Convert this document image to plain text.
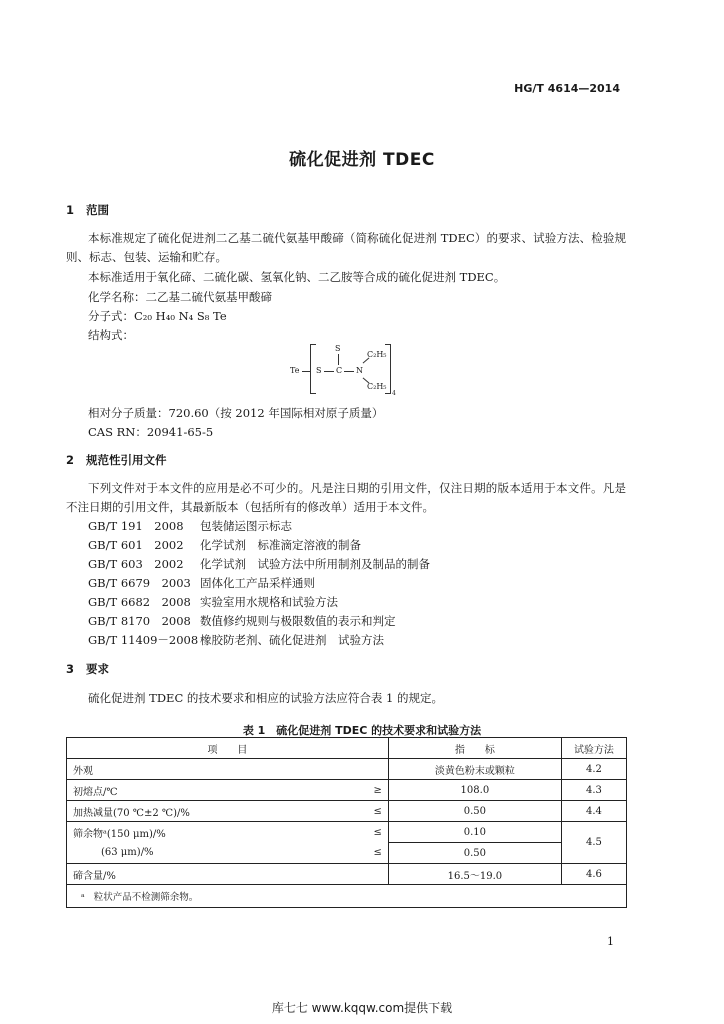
HG/T 4614—2014
硫化促进剂 TDEC
1 范围
本标准规定了硫化促进剂二乙基二硫代氨基甲酸碲（简称硫化促进剂 TDEC）的要求、试验方法、检验规则、标志、包装、运输和贮存。
本标准适用于氧化碲、二硫化碳、氢氧化钠、二乙胺等合成的硫化促进剂 TDEC。
化学名称：二乙基二硫代氨基甲酸碲
分子式：C₂₀ H₄₀ N₄ S₈ Te
结构式：
Te S C
S
N
C₂H₅
C₂H₅
4
相对分子质量：720.60（按 2012 年国际相对原子质量）
CAS RN：20941-65-5
2 规范性引用文件
下列文件对于本文件的应用是必不可少的。凡是注日期的引用文件，仅注日期的版本适用于本文件。凡是不注日期的引用文件，其最新版本（包括所有的修改单）适用于本文件。
GB/T 191　2008 包装储运图示标志
GB/T 601　2002 化学试剂　标准滴定溶液的制备
GB/T 603　2002 化学试剂　试验方法中所用制剂及制品的制备
GB/T 6679　2003 固体化工产品采样通则
GB/T 6682　2008 实验室用水规格和试验方法
GB/T 8170　2008 数值修约规则与极限数值的表示和判定
GB/T 11409－2008 橡胶防老剂、硫化促进剂　试验方法
3 要求
硫化促进剂 TDEC 的技术要求和相应的试验方法应符合表 1 的规定。
表 1　硫化促进剂 TDEC 的技术要求和试验方法
项　　目		指　　标	试验方法
外观		淡黄色粉末或颗粒	4.2
初熔点/℃	≥	108.0	4.3
加热减量(70 ℃±2 ℃)/%	≤	0.50	4.4
筛余物ᵃ(150 μm)/%	≤	0.10	4.5
(63 μm)/%	≤	0.50	
碲含量/%		16.5～19.0	4.6
ᵃ 粒状产品不检测筛余物。			
1
库七七 www.kqqw.com提供下载
